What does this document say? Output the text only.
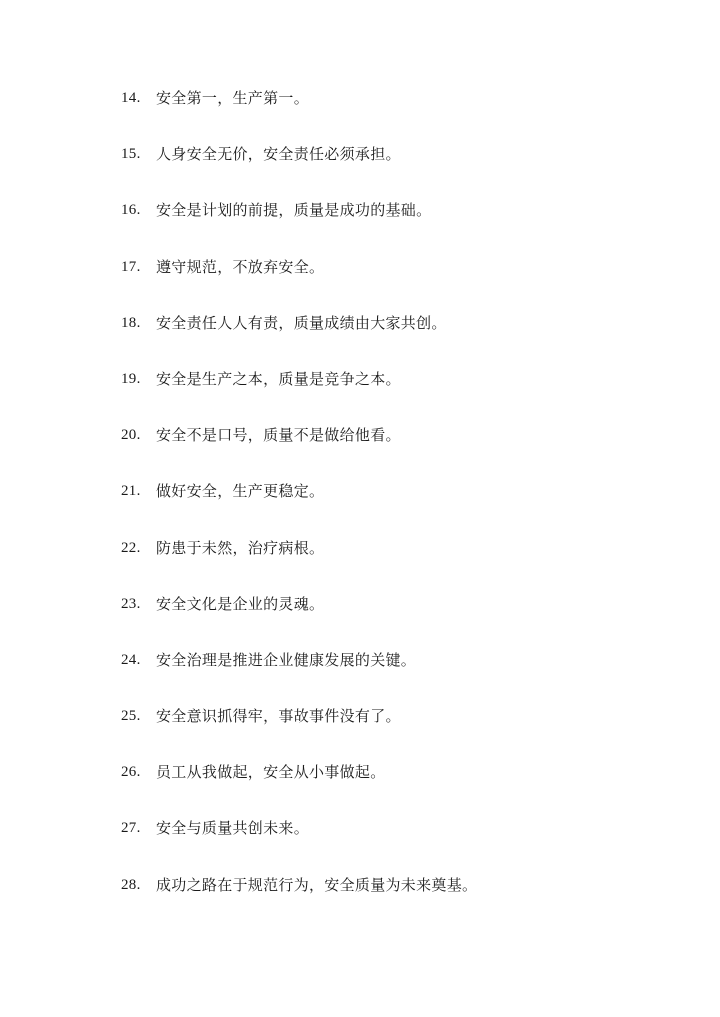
14.	安全第一，生产第一。
15.	人身安全无价，安全责任必须承担。
16.	安全是计划的前提，质量是成功的基础。
17.	遵守规范，不放弃安全。
18.	安全责任人人有责，质量成绩由大家共创。
19.	安全是生产之本，质量是竞争之本。
20.	安全不是口号，质量不是做给他看。
21.	做好安全，生产更稳定。
22.	防患于未然，治疗病根。
23.	安全文化是企业的灵魂。
24.	安全治理是推进企业健康发展的关键。
25.	安全意识抓得牢，事故事件没有了。
26.	员工从我做起，安全从小事做起。
27.	安全与质量共创未来。
28.	成功之路在于规范行为，安全质量为未来奠基。
